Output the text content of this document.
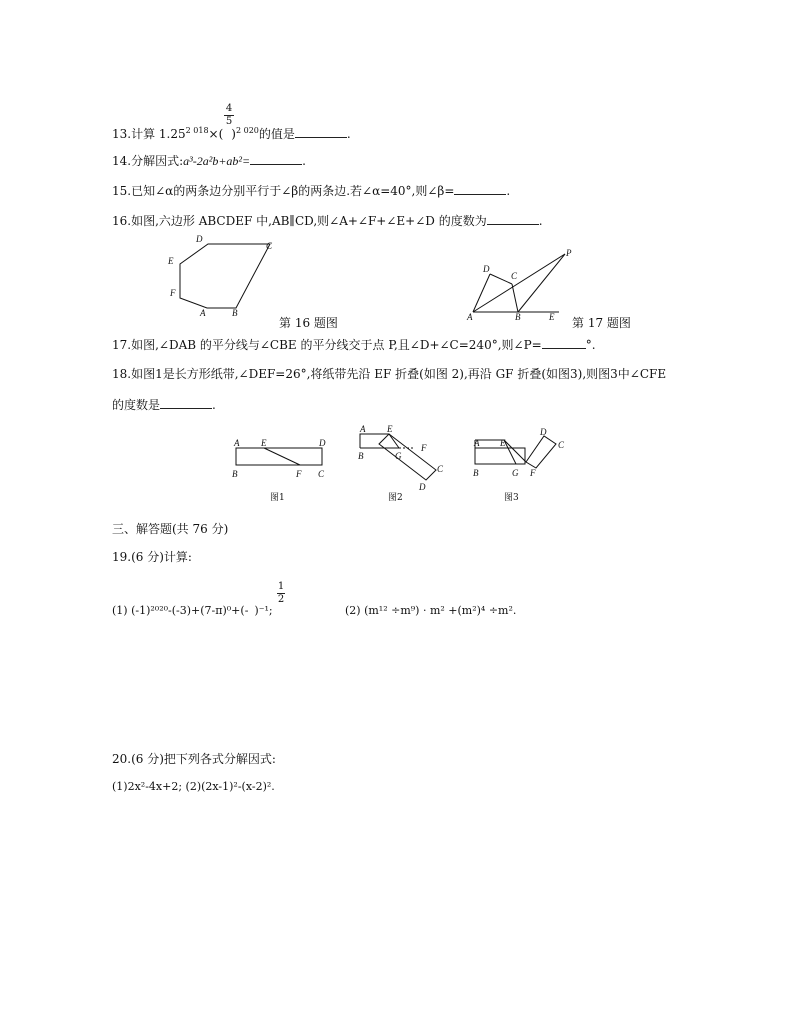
13.计算 $1.25^{2 018}\times$( )$^{2 020}$的值是	.
4
5
14.分解因式:a³-2a²b+ab²=	.
15.已知∠α的两条边分别平行于∠β的两条边.若∠α=40°,则∠β=	.
16.如图,六边形 ABCDEF 中,AB∥CD,则∠A+∠F+∠E+∠D 的度数为	.
D
C
E
F
A	B
第 16 题图
D
C
P
A	B	E 第 17 题图
17.如图,∠DAB 的平分线与∠CBE 的平分线交于点 P,且∠D+∠C=240°,则∠P=	°.
18.如图1是长方形纸带,∠DEF=26°,将纸带先沿 EF 折叠(如图 2),再沿 GF 折叠(如图3),则图3中∠CFE
的度数是	.
A E	D
B	F C
图1
A E
B	G
F
C
D
图2
A E
D
C
B	G F
图3
三、解答题(共 76 分)
19.(6 分)计算:
(1) (-1)²⁰²⁰-(-3)+(7-π)⁰+(- )⁻¹;
1
2
(2) (m¹² ÷m⁹) · m² +(m²)⁴ ÷m².
20.(6 分)把下列各式分解因式:
(1)2x²-4x+2; (2)(2x-1)²-(x-2)².
